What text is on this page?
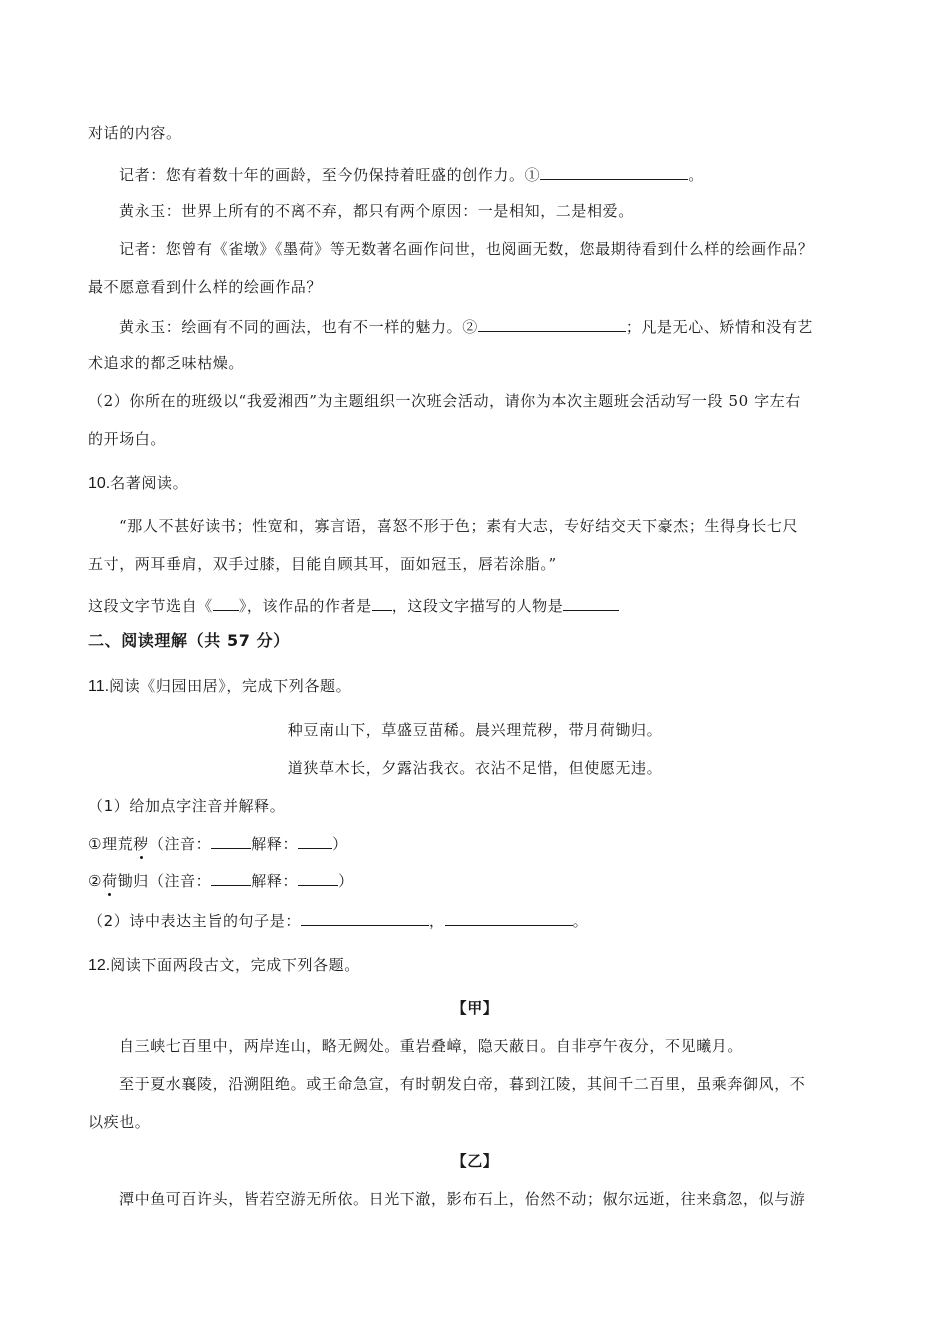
对话的内容。
记者：您有着数十年的画龄，至今仍保持着旺盛的创作力。①	。
黄永玉：世界上所有的不离不弃，都只有两个原因：一是相知，二是相爱。
记者：您曾有《雀墩》《墨荷》等无数著名画作问世，也阅画无数，您最期待看到什么样的绘画作品？
最不愿意看到什么样的绘画作品？
黄永玉：绘画有不同的画法，也有不一样的魅力。②	；凡是无心、矫情和没有艺
术追求的都乏味枯燥。
（2）你所在的班级以“我爱湘西”为主题组织一次班会活动，请你为本次主题班会活动写一段 50 字左右
的开场白。
10.名著阅读。
“那人不甚好读书；性宽和，寡言语，喜怒不形于色；素有大志，专好结交天下豪杰；生得身长七尺
五寸，两耳垂肩，双手过膝，目能自顾其耳，面如冠玉，唇若涂脂。”
这段文字节选自《 》，该作品的作者是 ，这段文字描写的人物是
二、阅读理解（共 57 分）
11.阅读《归园田居》，完成下列各题。
种豆南山下，草盛豆苗稀。晨兴理荒秽，带月荷锄归。
道狭草木长，夕露沾我衣。衣沾不足惜，但使愿无违。
（1）给加点字注音并解释。
①理荒秽（注音：	解释： ）
②荷锄归（注音：	解释：	）
（2）诗中表达主旨的句子是：	，	。
12.阅读下面两段古文，完成下列各题。
【甲】
自三峡七百里中，两岸连山，略无阙处。重岩叠嶂，隐天蔽日。自非亭午夜分，不见曦月。
至于夏水襄陵，沿溯阻绝。或王命急宣，有时朝发白帝，暮到江陵，其间千二百里，虽乘奔御风，不
以疾也。
【乙】
潭中鱼可百许头，皆若空游无所依。日光下澈，影布石上，佁然不动；俶尔远逝，往来翕忽，似与游
